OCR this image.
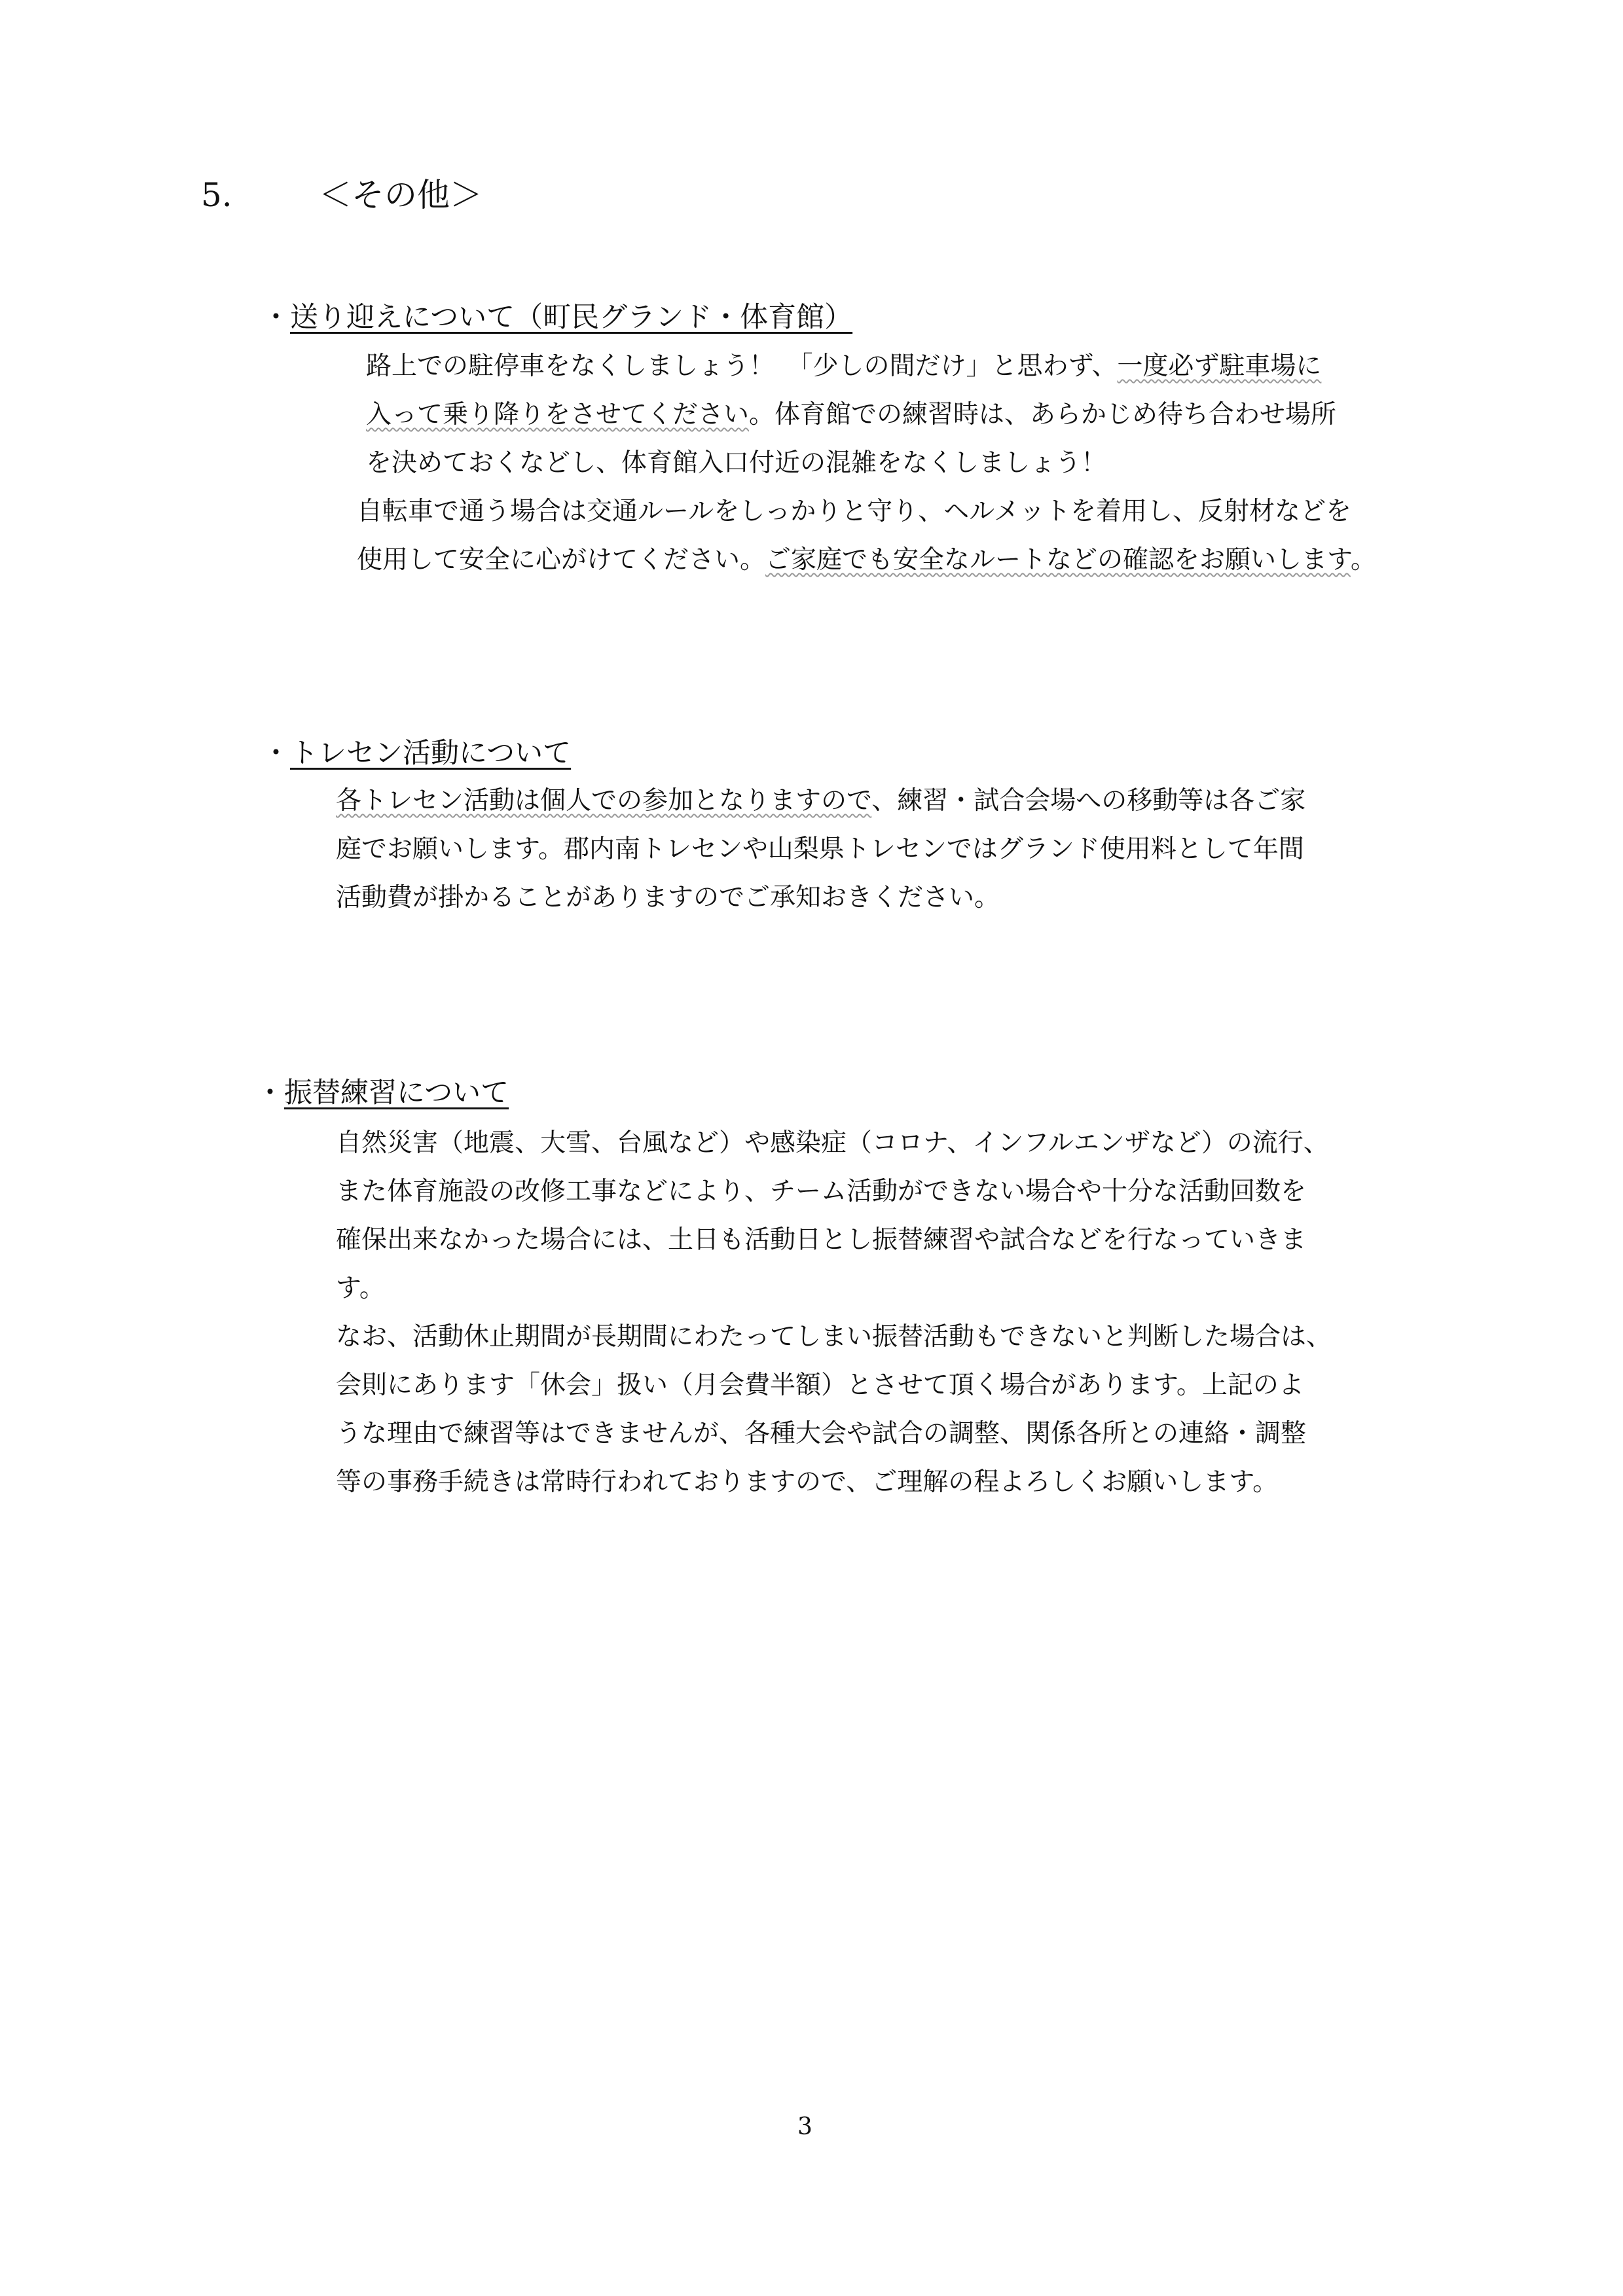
5.	＜その他＞
・送り迎えについて（町民グランド・体育館）
路上での駐停車をなくしましょう！　「少しの間だけ」と思わず、一度必ず駐車場に
入って乗り降りをさせてください。体育館での練習時は、あらかじめ待ち合わせ場所
を決めておくなどし、体育館入口付近の混雑をなくしましょう！
自転車で通う場合は交通ルールをしっかりと守り、ヘルメットを着用し、反射材などを
使用して安全に心がけてください。ご家庭でも安全なルートなどの確認をお願いします。
・トレセン活動について
各トレセン活動は個人での参加となりますので、練習・試合会場への移動等は各ご家
庭でお願いします。郡内南トレセンや山梨県トレセンではグランド使用料として年間
活動費が掛かることがありますのでご承知おきください。
・振替練習について
自然災害（地震、大雪、台風など）や感染症（コロナ、インフルエンザなど）の流行、
また体育施設の改修工事などにより、チーム活動ができない場合や十分な活動回数を
確保出来なかった場合には、土日も活動日とし振替練習や試合などを行なっていきま
す。
なお、活動休止期間が長期間にわたってしまい振替活動もできないと判断した場合は、
会則にあります「休会」扱い（月会費半額）とさせて頂く場合があります。上記のよ
うな理由で練習等はできませんが、各種大会や試合の調整、関係各所との連絡・調整
等の事務手続きは常時行われておりますので、ご理解の程よろしくお願いします。
3
